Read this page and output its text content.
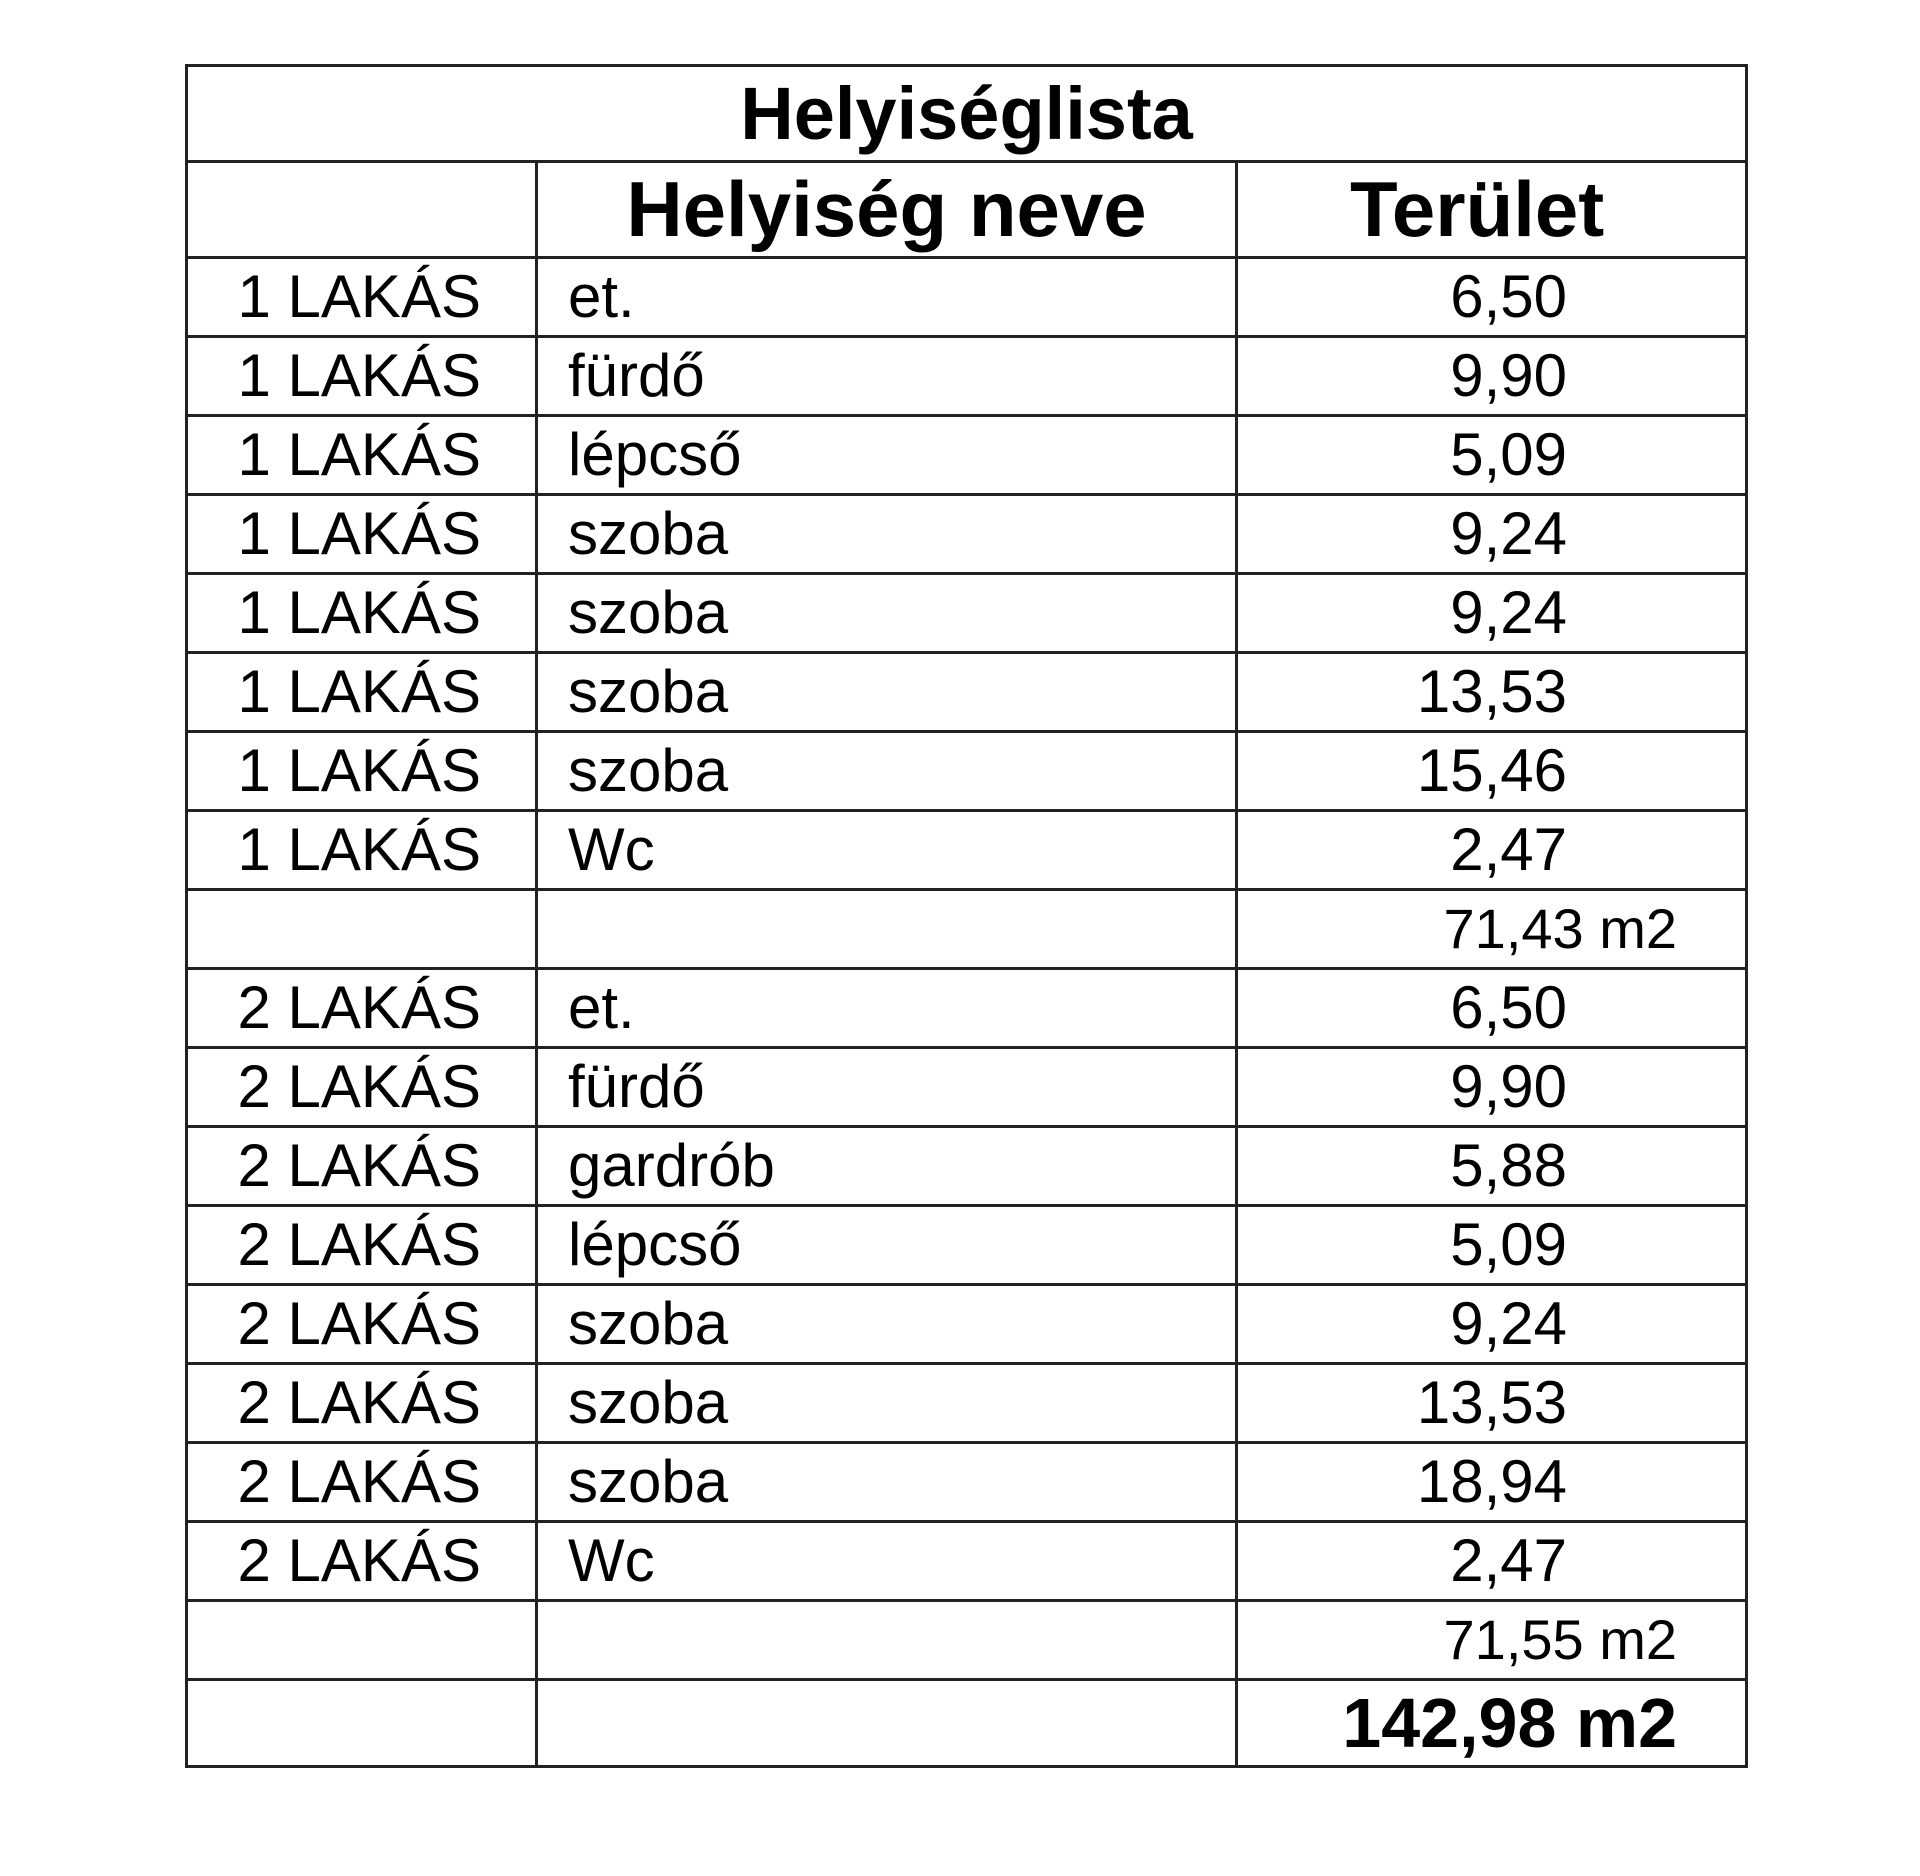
Helyiséglista		
	Helyiség neve	Terület
1 LAKÁS	et.	6,50
1 LAKÁS	fürdő	9,90
1 LAKÁS	lépcső	5,09
1 LAKÁS	szoba	9,24
1 LAKÁS	szoba	9,24
1 LAKÁS	szoba	13,53
1 LAKÁS	szoba	15,46
1 LAKÁS	Wc	2,47
		71,43 m2
2 LAKÁS	et.	6,50
2 LAKÁS	fürdő	9,90
2 LAKÁS	gardrób	5,88
2 LAKÁS	lépcső	5,09
2 LAKÁS	szoba	9,24
2 LAKÁS	szoba	13,53
2 LAKÁS	szoba	18,94
2 LAKÁS	Wc	2,47
		71,55 m2
		142,98 m2
